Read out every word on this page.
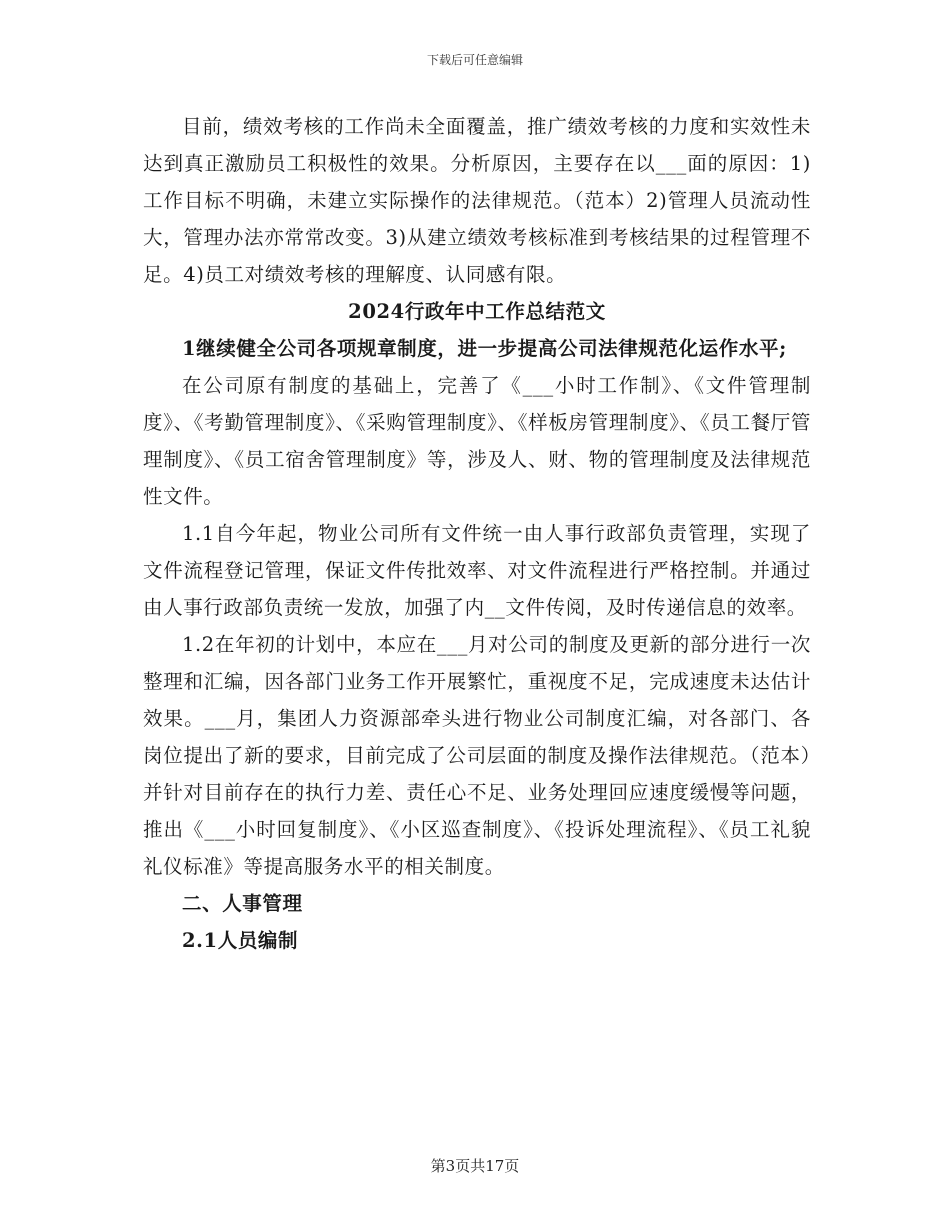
下载后可任意编辑

目前，绩效考核的工作尚未全面覆盖，推广绩效考核的力度和实效性未达到真正激励员工积极性的效果。分析原因，主要存在以___面的原因：1)工作目标不明确，未建立实际操作的法律规范。（范本）2)管理人员流动性大，管理办法亦常常改变。3)从建立绩效考核标准到考核结果的过程管理不足。4)员工对绩效考核的理解度、认同感有限。

2024行政年中工作总结范文

1继续健全公司各项规章制度，进一步提高公司法律规范化运作水平;

在公司原有制度的基础上，完善了《___小时工作制》、《文件管理制度》、《考勤管理制度》、《采购管理制度》、《样板房管理制度》、《员工餐厅管理制度》、《员工宿舍管理制度》等，涉及人、财、物的管理制度及法律规范性文件。

1.1自今年起，物业公司所有文件统一由人事行政部负责管理，实现了文件流程登记管理，保证文件传批效率、对文件流程进行严格控制。并通过由人事行政部负责统一发放，加强了内__文件传阅，及时传递信息的效率。

1.2在年初的计划中，本应在___月对公司的制度及更新的部分进行一次整理和汇编，因各部门业务工作开展繁忙，重视度不足，完成速度未达估计效果。___月，集团人力资源部牵头进行物业公司制度汇编，对各部门、各岗位提出了新的要求，目前完成了公司层面的制度及操作法律规范。（范本）并针对目前存在的执行力差、责任心不足、业务处理回应速度缓慢等问题，推出《___小时回复制度》、《小区巡查制度》、《投诉处理流程》、《员工礼貌礼仪标准》等提高服务水平的相关制度。

二、人事管理

2.1人员编制

第3页共17页
